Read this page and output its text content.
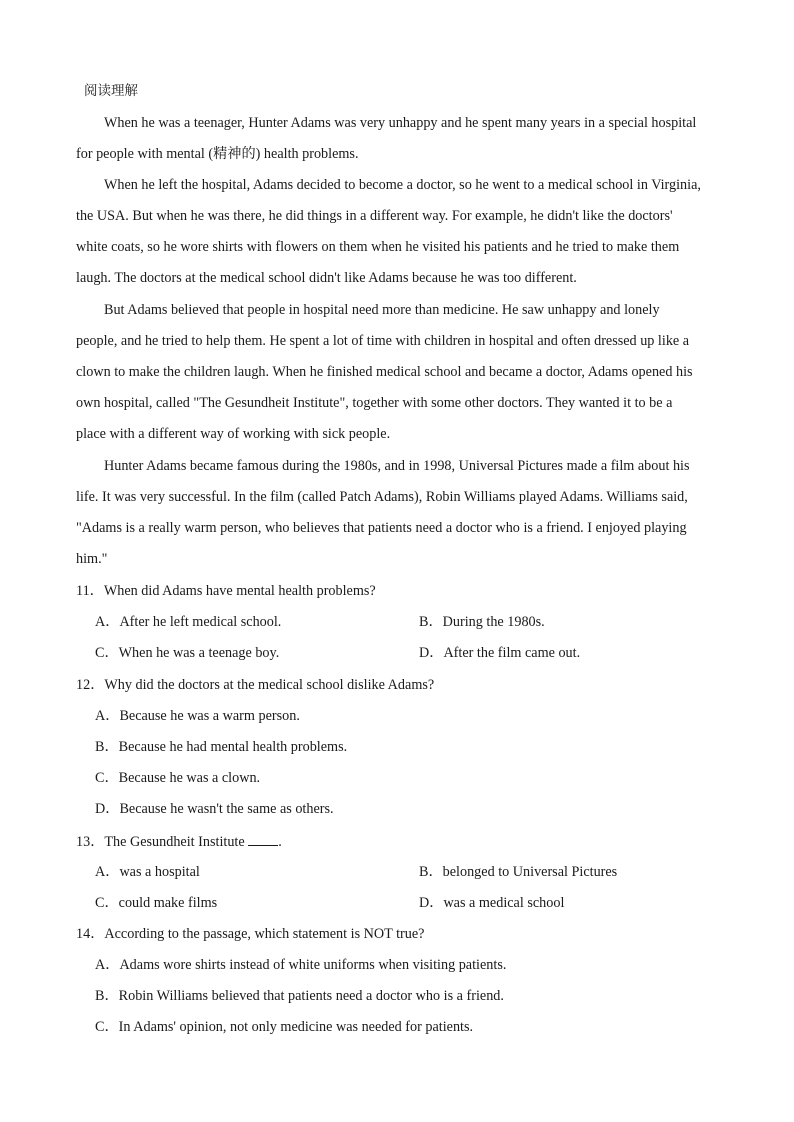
阅读理解
When he was a teenager, Hunter Adams was very unhappy and he spent many years in a special hospital
for people with mental (精神的) health problems.
When he left the hospital, Adams decided to become a doctor, so he went to a medical school in Virginia,
the USA. But when he was there, he did things in a different way. For example, he didn't like the doctors'
white coats, so he wore shirts with flowers on them when he visited his patients and he tried to make them
laugh. The doctors at the medical school didn't like Adams because he was too different.
But Adams believed that people in hospital need more than medicine. He saw unhappy and lonely
people, and he tried to help them. He spent a lot of time with children in hospital and often dressed up like a
clown to make the children laugh. When he finished medical school and became a doctor, Adams opened his
own hospital, called "The Gesundheit Institute", together with some other doctors. They wanted it to be a
place with a different way of working with sick people.
Hunter Adams became famous during the 1980s, and in 1998, Universal Pictures made a film about his
life. It was very successful. In the film (called Patch Adams), Robin Williams played Adams. Williams said,
"Adams is a really warm person, who believes that patients need a doctor who is a friend. I enjoyed playing
him."
11．When did Adams have mental health problems?
A．After he left medical school.	B．During the 1980s.
C．When he was a teenage boy.	D．After the film came out.
12．Why did the doctors at the medical school dislike Adams?
A．Because he was a warm person.
B．Because he had mental health problems.
C．Because he was a clown.
D．Because he wasn't the same as others.
13．The Gesundheit Institute .
A．was a hospital	B．belonged to Universal Pictures
C．could make films	D．was a medical school
14．According to the passage, which statement is NOT true?
A．Adams wore shirts instead of white uniforms when visiting patients.
B．Robin Williams believed that patients need a doctor who is a friend.
C．In Adams' opinion, not only medicine was needed for patients.
